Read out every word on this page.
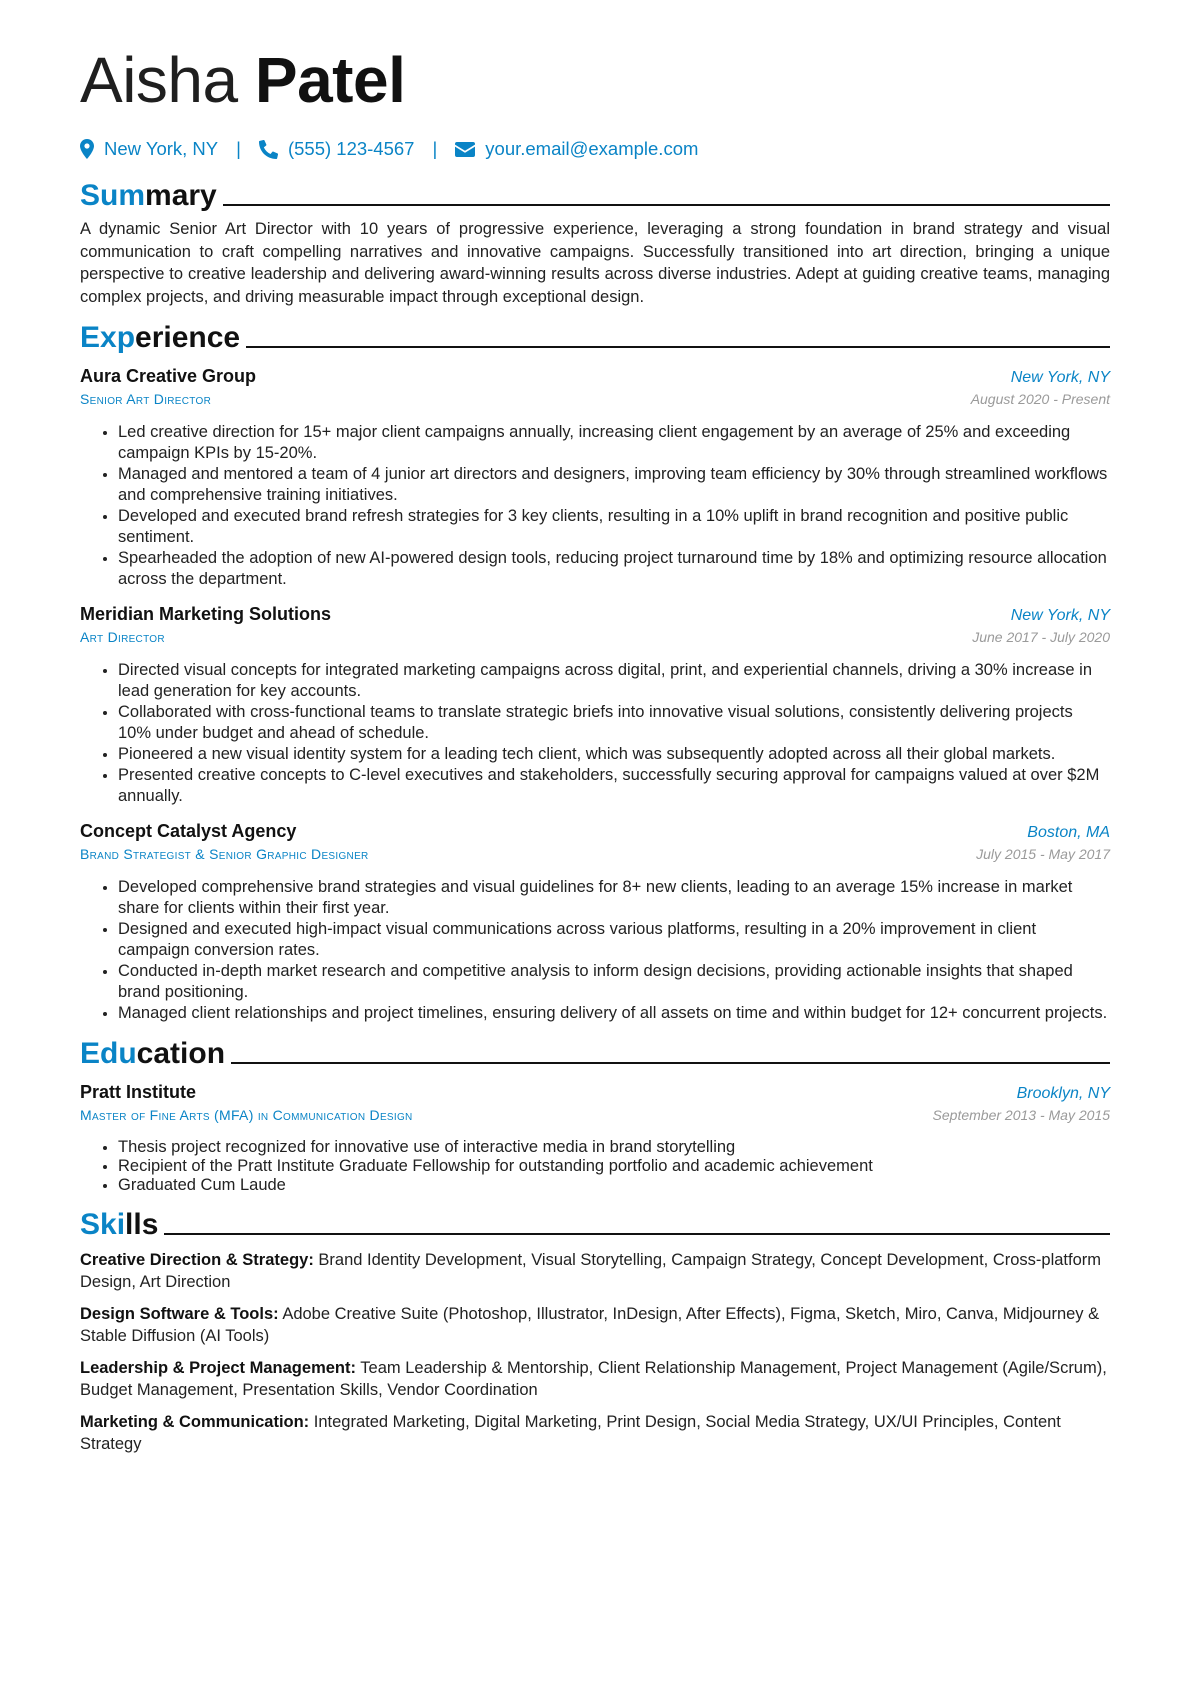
Aisha Patel
New York, NY |	(555) 123-4567 |	your.email@example.com
Summary

A dynamic Senior Art Director with 10 years of progressive experience, leveraging a strong foundation in brand strategy and visual communication to craft compelling narratives and innovative campaigns. Successfully transitioned into art direction, bringing a unique perspective to creative leadership and delivering award-winning results across diverse industries. Adept at guiding creative teams, managing complex projects, and driving measurable impact through exceptional design.

Experience
Aura Creative Group	New York, NY
Senior Art Director	August 2020 - Present
• Led creative direction for 15+ major client campaigns annually, increasing client engagement by an average of 25% and exceeding campaign KPIs by 15-20%.
• Managed and mentored a team of 4 junior art directors and designers, improving team efficiency by 30% through streamlined workflows and comprehensive training initiatives.
• Developed and executed brand refresh strategies for 3 key clients, resulting in a 10% uplift in brand recognition and positive public sentiment.
• Spearheaded the adoption of new AI-powered design tools, reducing project turnaround time by 18% and optimizing resource allocation across the department.
Meridian Marketing Solutions	New York, NY
Art Director	June 2017 - July 2020
• Directed visual concepts for integrated marketing campaigns across digital, print, and experiential channels, driving a 30% increase in lead generation for key accounts.
• Collaborated with cross-functional teams to translate strategic briefs into innovative visual solutions, consistently delivering projects 10% under budget and ahead of schedule.
• Pioneered a new visual identity system for a leading tech client, which was subsequently adopted across all their global markets.
• Presented creative concepts to C-level executives and stakeholders, successfully securing approval for campaigns valued at over $2M annually.
Concept Catalyst Agency	Boston, MA
Brand Strategist & Senior Graphic Designer	July 2015 - May 2017
• Developed comprehensive brand strategies and visual guidelines for 8+ new clients, leading to an average 15% increase in market share for clients within their first year.
• Designed and executed high-impact visual communications across various platforms, resulting in a 20% improvement in client campaign conversion rates.
• Conducted in-depth market research and competitive analysis to inform design decisions, providing actionable insights that shaped brand positioning.
• Managed client relationships and project timelines, ensuring delivery of all assets on time and within budget for 12+ concurrent projects.
Education
Pratt Institute	Brooklyn, NY
Master of Fine Arts (MFA) in Communication Design	September 2013 - May 2015
• Thesis project recognized for innovative use of interactive media in brand storytelling
• Recipient of the Pratt Institute Graduate Fellowship for outstanding portfolio and academic achievement
• Graduated Cum Laude
Skills
Creative Direction & Strategy: Brand Identity Development, Visual Storytelling, Campaign Strategy, Concept Development, Cross-platform Design, Art Direction
Design Software & Tools: Adobe Creative Suite (Photoshop, Illustrator, InDesign, After Effects), Figma, Sketch, Miro, Canva, Midjourney & Stable Diffusion (AI Tools)
Leadership & Project Management: Team Leadership & Mentorship, Client Relationship Management, Project Management (Agile/Scrum), Budget Management, Presentation Skills, Vendor Coordination
Marketing & Communication: Integrated Marketing, Digital Marketing, Print Design, Social Media Strategy, UX/UI Principles, Content Strategy
